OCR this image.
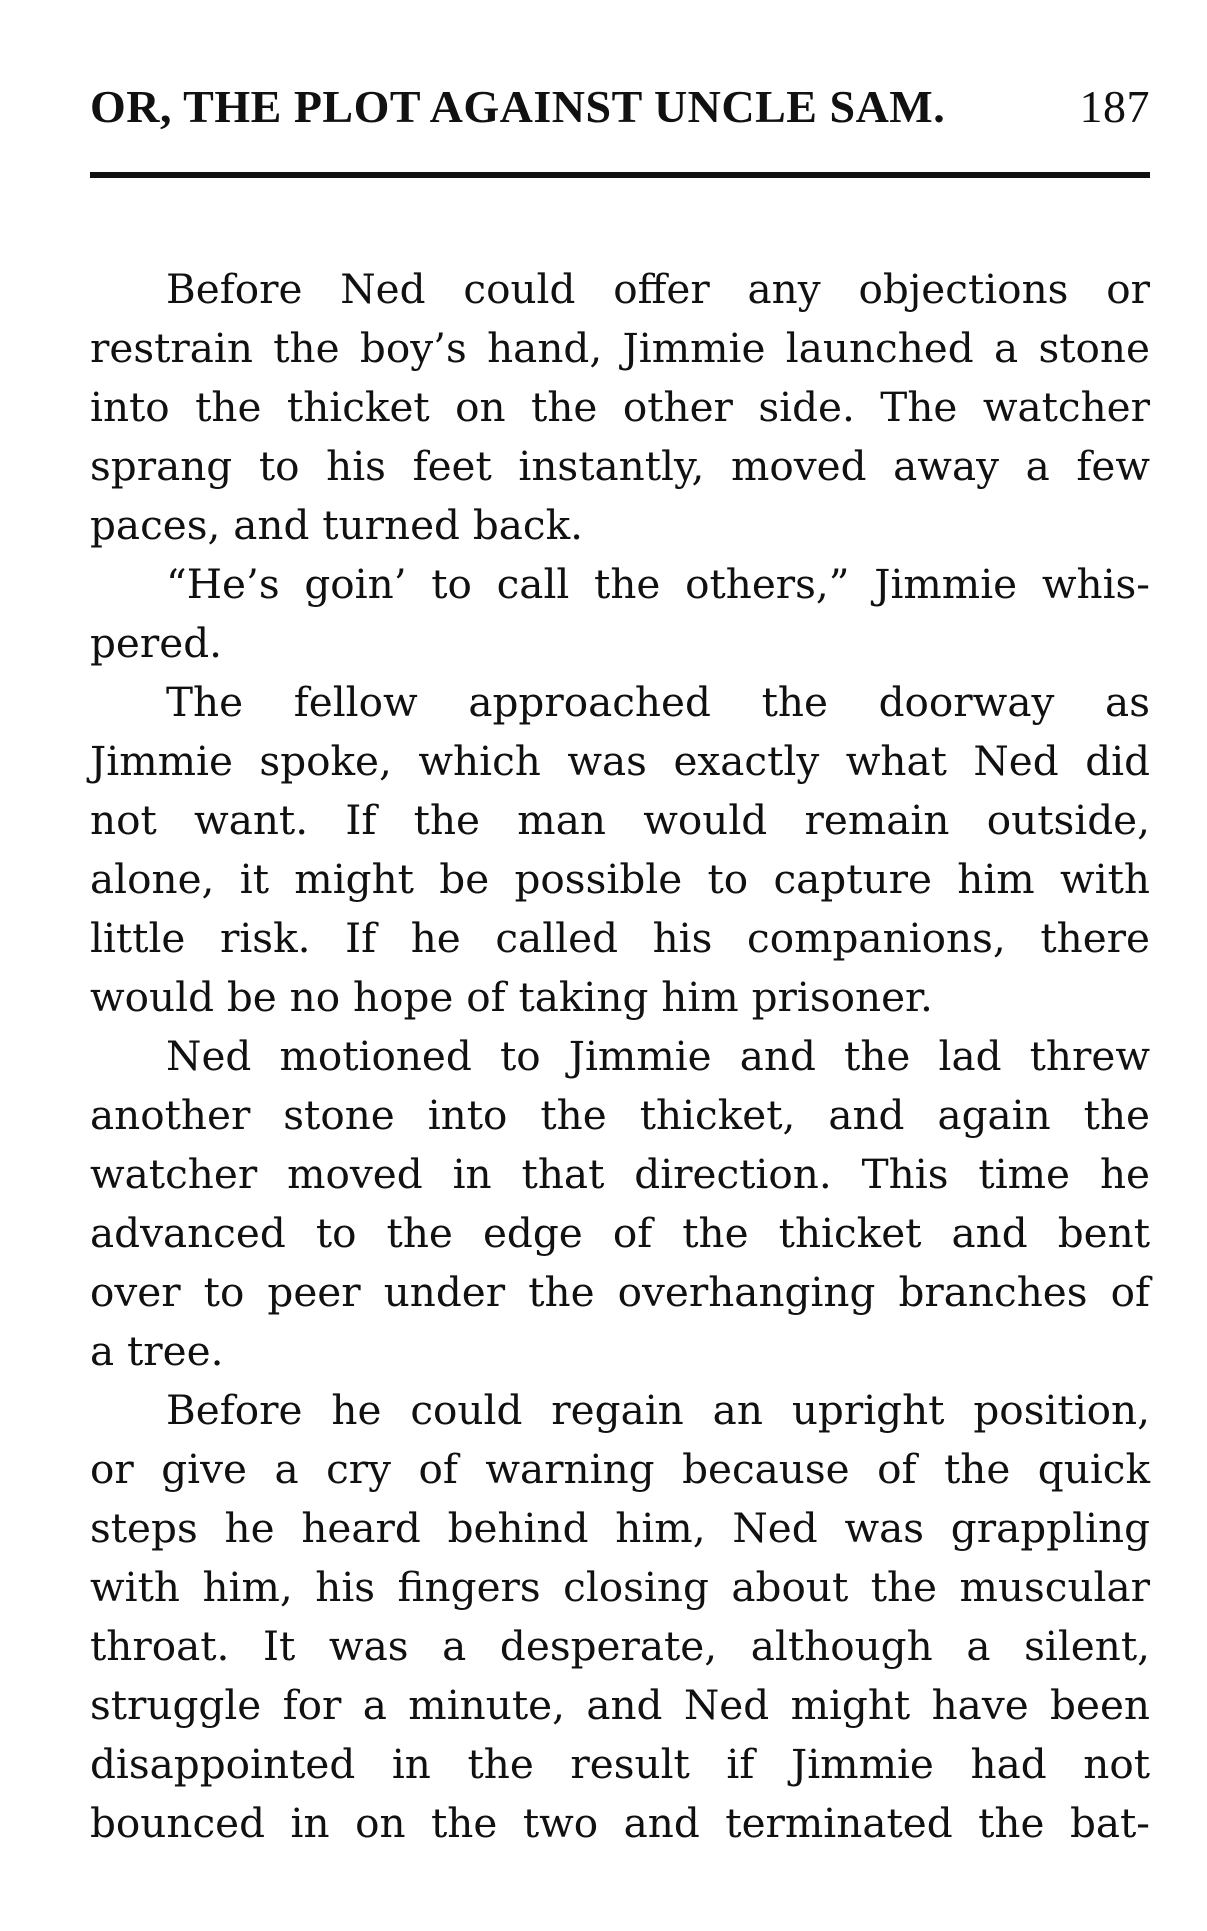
OR, THE PLOT AGAINST UNCLE SAM.	187
Before Ned could offer any objections or
restrain the boy’s hand, Jimmie launched a stone
into the thicket on the other side. The watcher
sprang to his feet instantly, moved away a few
paces, and turned back.
“He’s goin’ to call the others,” Jimmie whis-
pered.
The fellow approached the doorway as
Jimmie spoke, which was exactly what Ned did
not want. If the man would remain outside,
alone, it might be possible to capture him with
little risk. If he called his companions, there
would be no hope of taking him prisoner.
Ned motioned to Jimmie and the lad threw
another stone into the thicket, and again the
watcher moved in that direction. This time he
advanced to the edge of the thicket and bent
over to peer under the overhanging branches of
a tree.
Before he could regain an upright position,
or give a cry of warning because of the quick
steps he heard behind him, Ned was grappling
with him, his fingers closing about the muscular
throat. It was a desperate, although a silent,
struggle for a minute, and Ned might have been
disappointed in the result if Jimmie had not
bounced in on the two and terminated the bat-
